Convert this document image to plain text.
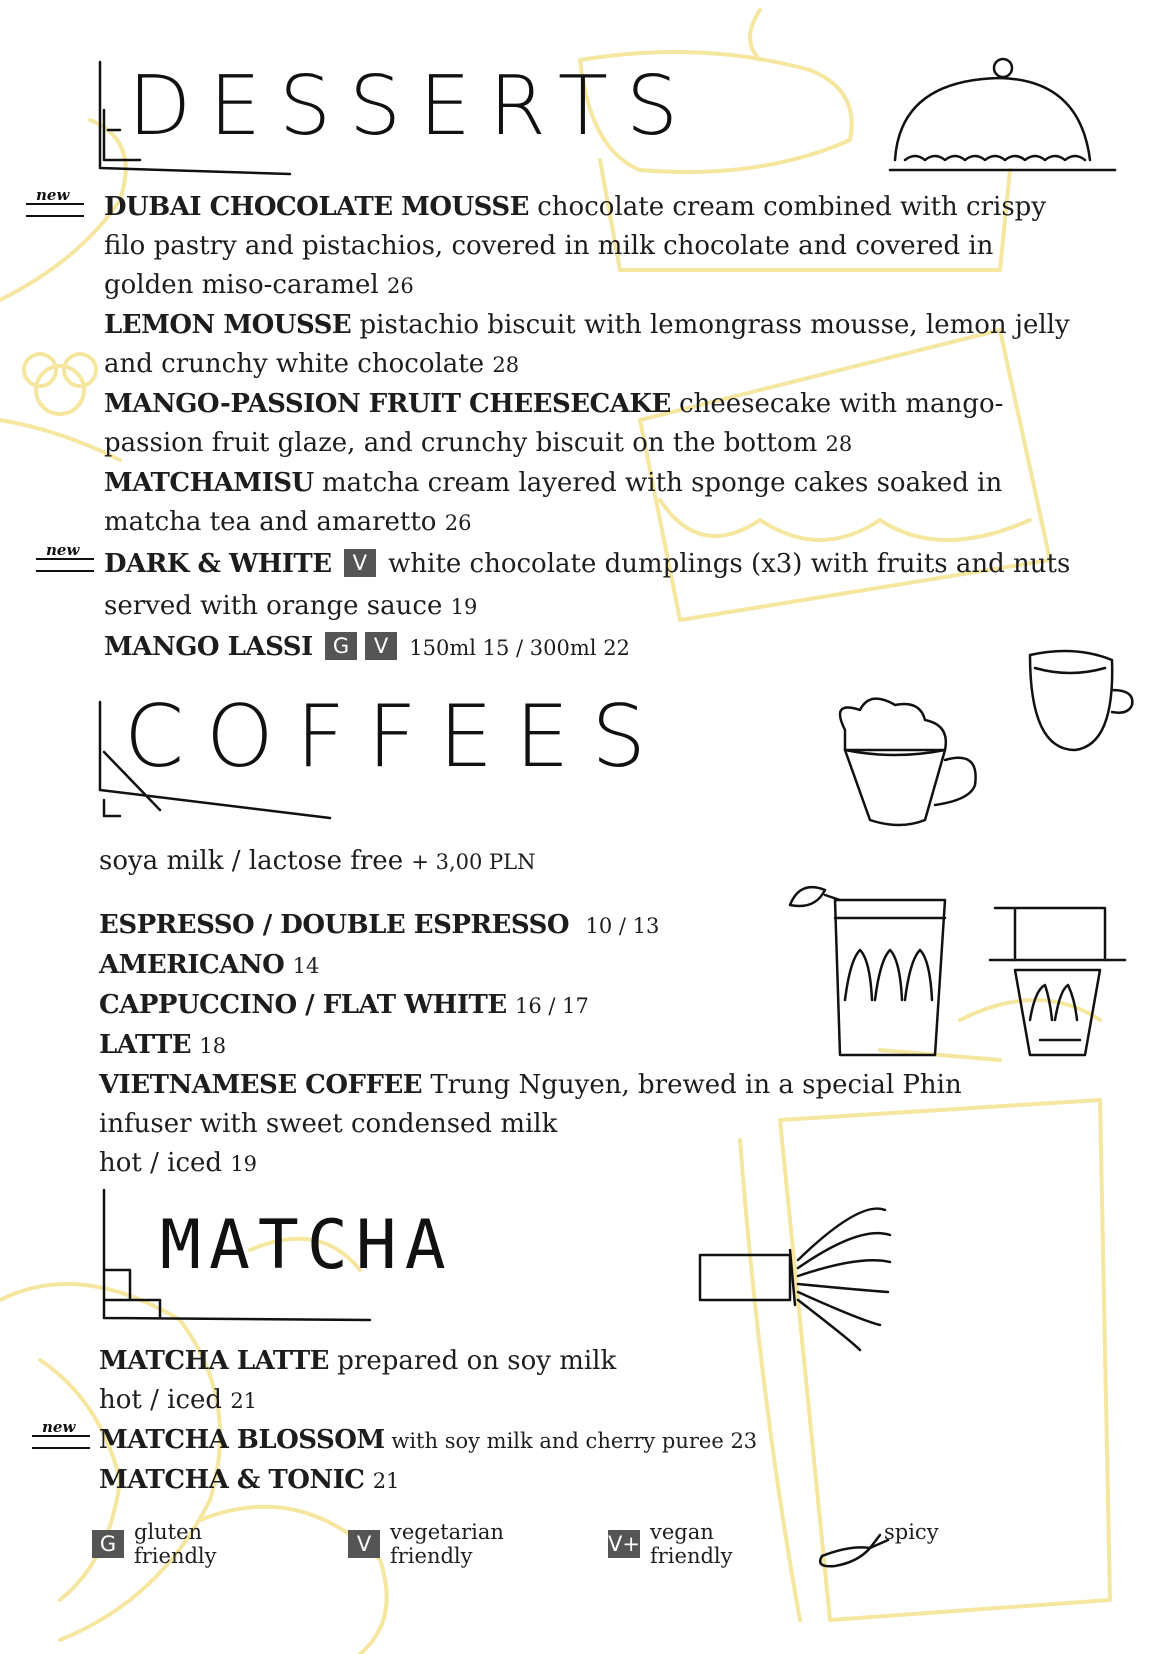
DESSERTS
new
new

DUBAI CHOCOLATE MOUSSE chocolate cream combined with crispy filo pastry and pistachios, covered in milk chocolate and covered in golden miso-caramel 26

LEMON MOUSSE pistachio biscuit with lemongrass mousse, lemon jelly and crunchy white chocolate 28

MANGO-PASSION FRUIT CHEESECAKE cheesecake with mango-passion fruit glaze, and crunchy biscuit on the bottom 28

MATCHAMISU matcha cream layered with sponge cakes soaked in matcha tea and amaretto 26

DARK & WHITE V white chocolate dumplings (x3) with fruits and nuts served with orange sauce 19

MANGO LASSI G V 150ml 15 / 300ml 22

COFFEES
soya milk / lactose free + 3,00 PLN

ESPRESSO / DOUBLE ESPRESSO 10 / 13

AMERICANO 14

CAPPUCCINO / FLAT WHITE 16 / 17

LATTE 18

VIETNAMESE COFFEE Trung Nguyen, brewed in a special Phin infuser with sweet condensed milk
hot / iced 19

MATCHA
new

MATCHA LATTE prepared on soy milk
hot / iced 21

MATCHA BLOSSOM with soy milk and cherry puree 23

MATCHA & TONIC 21

G gluten friendly	V vegetarian friendly	V+ vegan friendly
spicy
